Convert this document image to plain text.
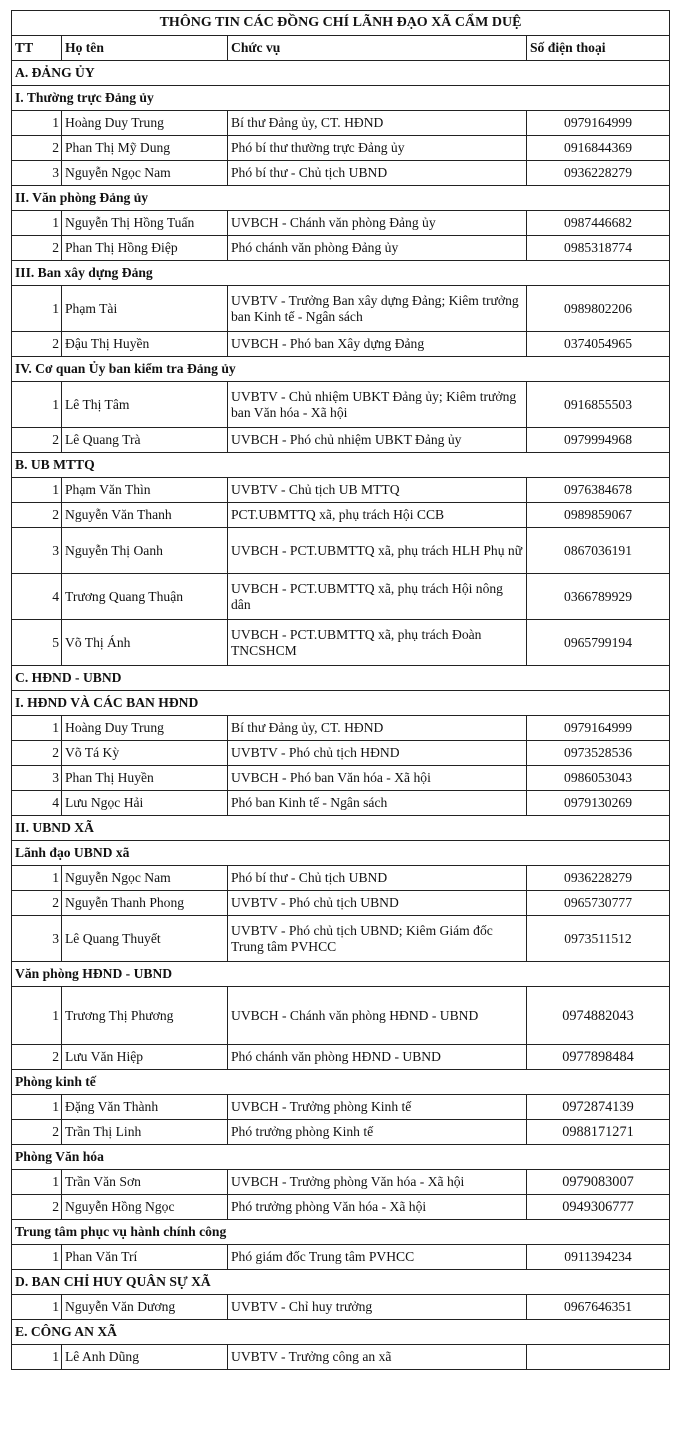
THÔNG TIN CÁC ĐỒNG CHÍ LÃNH ĐẠO XÃ CẨM DUỆ			
TT	Họ tên	Chức vụ	Số điện thoại
A. ĐẢNG ỦY			
I. Thường trực Đảng ủy			
1	Hoàng Duy Trung	Bí thư Đảng ủy, CT. HĐND	0979164999
2	Phan Thị Mỹ Dung	Phó bí thư thường trực Đảng ủy	0916844369
3	Nguyễn Ngọc Nam	Phó bí thư - Chủ tịch UBND	0936228279
II. Văn phòng Đảng ủy			
1	Nguyễn Thị Hồng Tuấn	UVBCH - Chánh văn phòng Đảng ủy	0987446682
2	Phan Thị Hồng Điệp	Phó chánh văn phòng Đảng ủy	0985318774
III. Ban xây dựng Đảng			
1	Phạm Tài	UVBTV - Trưởng Ban xây dựng Đảng; Kiêm trưởng ban Kinh tế - Ngân sách	0989802206
2	Đậu Thị Huyền	UVBCH - Phó ban Xây dựng Đảng	0374054965
IV. Cơ quan Ủy ban kiểm tra Đảng ủy			
1	Lê Thị Tâm	UVBTV - Chủ nhiệm UBKT Đảng ủy; Kiêm trưởng ban Văn hóa - Xã hội	0916855503
2	Lê Quang Trà	UVBCH - Phó chủ nhiệm UBKT Đảng ủy	0979994968
B. UB MTTQ			
1	Phạm Văn Thìn	UVBTV - Chủ tịch UB MTTQ	0976384678
2	Nguyễn Văn Thanh	PCT.UBMTTQ xã, phụ trách Hội CCB	0989859067
3	Nguyễn Thị Oanh	UVBCH - PCT.UBMTTQ xã, phụ trách HLH Phụ nữ	0867036191
4	Trương Quang Thuận	UVBCH - PCT.UBMTTQ xã, phụ trách Hội nông dân	0366789929
5	Võ Thị Ánh	UVBCH - PCT.UBMTTQ xã, phụ trách Đoàn TNCSHCM	0965799194
C. HĐND - UBND			
I. HĐND VÀ CÁC BAN HĐND			
1	Hoàng Duy Trung	Bí thư Đảng ủy, CT. HĐND	0979164999
2	Võ Tá Kỳ	UVBTV - Phó chủ tịch HĐND	0973528536
3	Phan Thị Huyền	UVBCH - Phó ban Văn hóa - Xã hội	0986053043
4	Lưu Ngọc Hải	Phó ban Kinh tế - Ngân sách	0979130269
II. UBND XÃ			
Lãnh đạo UBND xã			
1	Nguyễn Ngọc Nam	Phó bí thư - Chủ tịch UBND	0936228279
2	Nguyễn Thanh Phong	UVBTV - Phó chủ tịch UBND	0965730777
3	Lê Quang Thuyết	UVBTV - Phó chủ tịch UBND; Kiêm Giám đốc Trung tâm PVHCC	0973511512
Văn phòng HĐND - UBND			
1	Trương Thị Phương	UVBCH - Chánh văn phòng HĐND - UBND	0974882043
2	Lưu Văn Hiệp	Phó chánh văn phòng HĐND - UBND	0977898484
Phòng kinh tế			
1	Đặng Văn Thành	UVBCH - Trưởng phòng Kinh tế	0972874139
2	Trần Thị Linh	Phó trưởng phòng Kinh tế	0988171271
Phòng Văn hóa			
1	Trần Văn Sơn	UVBCH - Trưởng phòng Văn hóa - Xã hội	0979083007
2	Nguyễn Hồng Ngọc	Phó trưởng phòng Văn hóa - Xã hội	0949306777
Trung tâm phục vụ hành chính công			
1	Phan Văn Trí	Phó giám đốc Trung tâm PVHCC	0911394234
D. BAN CHỈ HUY QUÂN SỰ XÃ			
1	Nguyễn Văn Dương	UVBTV - Chỉ huy trưởng	0967646351
E. CÔNG AN XÃ			
1	Lê Anh Dũng	UVBTV - Trưởng công an xã	
